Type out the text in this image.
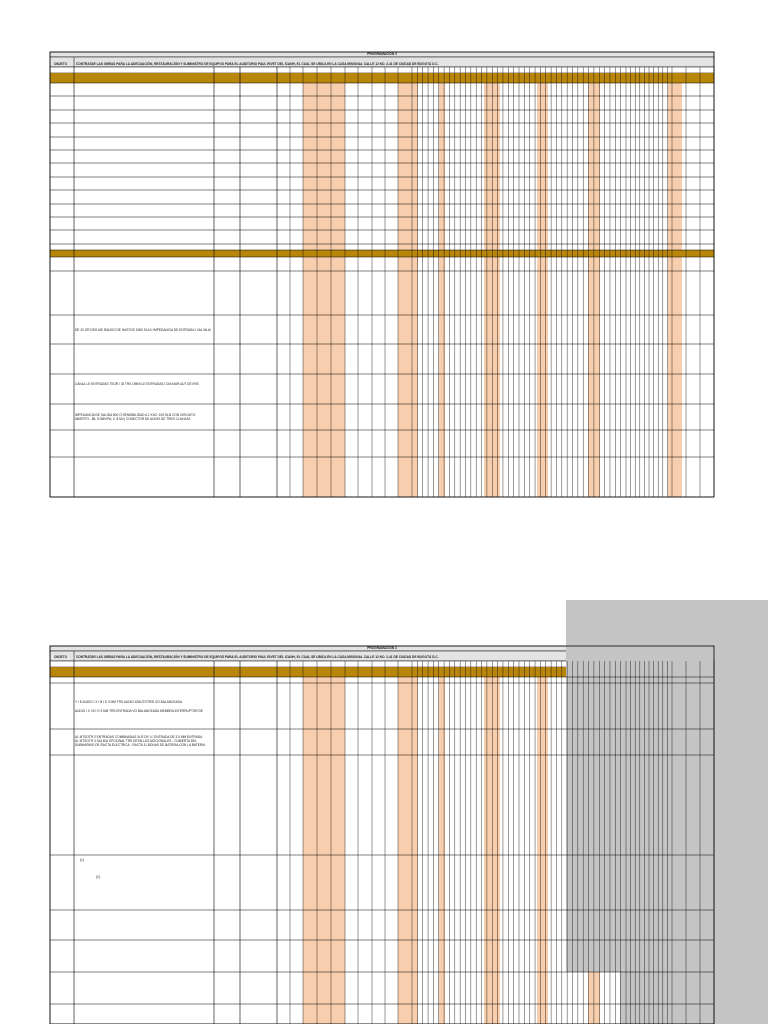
PROGRAMACION 3
OBJETO	CONTRATAR LAS OBRAS PARA LA ADECUACIÓN, RESTAURACIÓN Y SUMINISTRO DE EQUIPOS PARA EL AUDITORIO PAUL RIVET DEL ICANH, EL CUAL SE UBICA EN LA CASA MISIONAL CALLE 12 NO. 2-41 DE CIUDAD DE BOGOTÁ D.C.
DE 20 OR DEH ASI RANGO DE HASTOS 1960 SLAI I IMPEDANCIA DE ENTRADA I VAL MLAI
CANAL LE ENTRADAS TSOR I ID TRS OMNI LE ENTRADAS I DIA MAR AUT DE IRIS
IMPEDANCIA DE SALIDA 500 O SENSIBILIDAD A 1 KHZ: 100 DLB CON CIRCUITO
ABIERTO: -58, 5 DBV/PA; 0, 8 MV) CONECTOR DE AUDIO DE TRES CLAVIJAS
PROGRAMACION 3
OBJETO	CONTRATAR LAS OBRAS PARA LA ADECUACIÓN, RESTAURACIÓN Y SUMINISTRO DE EQUIPOS PARA EL AUDITORIO PAUL RIVET DEL ICANH, EL CUAL SE UBICA EN LA CASA MISIONAL CALLE 12 NO. 2-41 DE CIUDAD DE BOGOTÁ D.C.
Y I E AUDIO I X I B I S 3 MM TRS AUDIO ATAUTOTRSI VO BALANCEADA
AUDIO I X I B I S 3 MM TRS ENTRADA VO BALANCEADA MEMBRA INTERRUPTOR DE
AL MTSOTR 2 ENTRADAS COMBINADAS XLR DE ¼" ENTRADA DE 3.5 MM ENTRADA
AL MTSOTR 3 SALIDA OPCIONAL TRS DETALLES ADICIONALES - CUBIERTA DEL
SUBMARINO DE RACTA ELECTRICA - RACTA 11 BONAS DE BATERIA CON LA BATERIA
(1)
(2)
